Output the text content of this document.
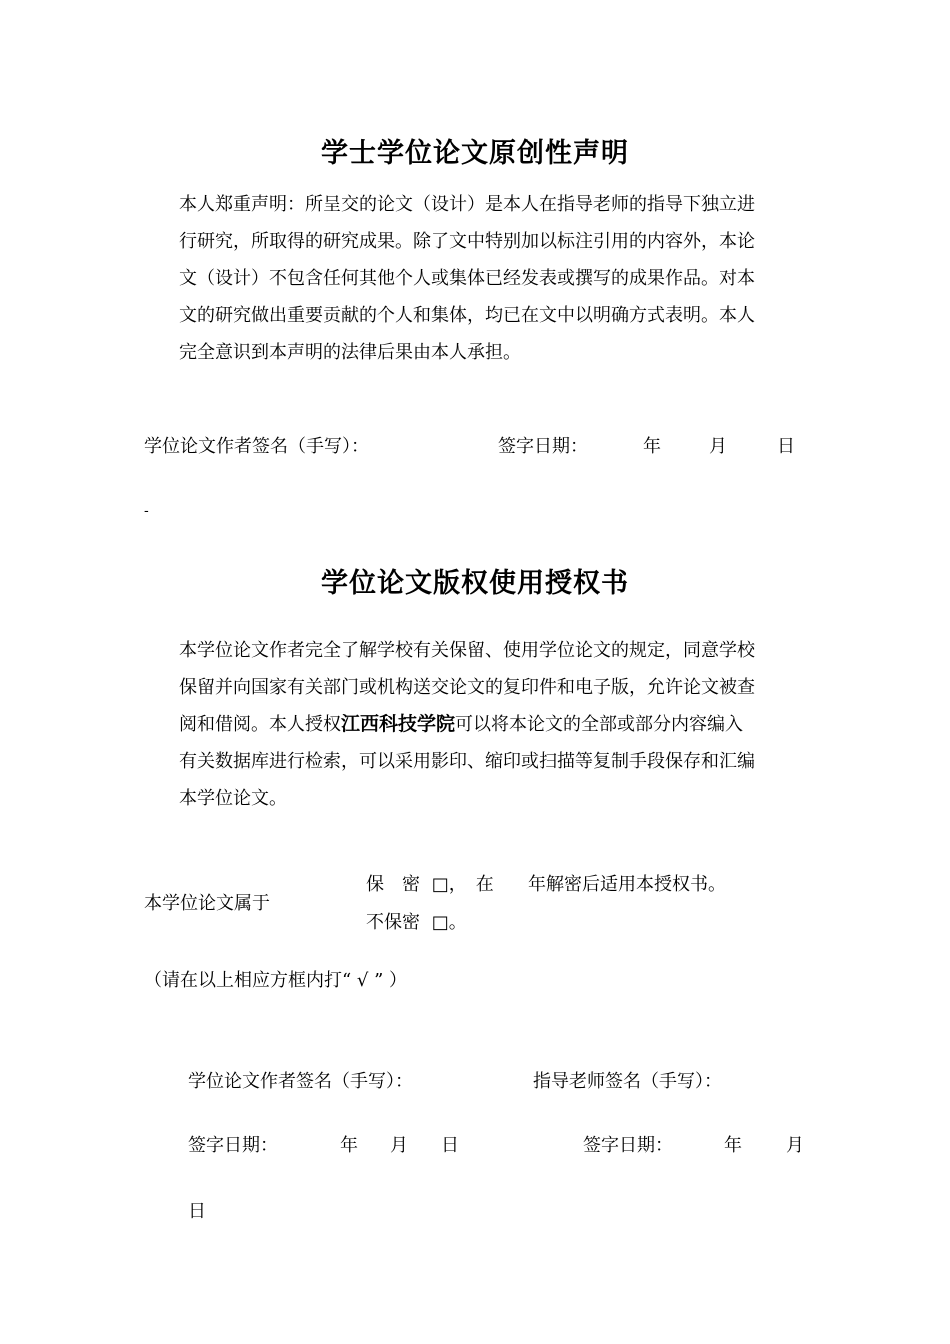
学士学位论文原创性声明
本人郑重声明：所呈交的论文（设计）是本人在指导老师的指导下独立进
行研究，所取得的研究成果。除了文中特别加以标注引用的内容外，本论
文（设计）不包含任何其他个人或集体已经发表或撰写的成果作品。对本
文的研究做出重要贡献的个人和集体，均已在文中以明确方式表明。本人
完全意识到本声明的法律后果由本人承担。
学位论文作者签名（手写）：	签字日期：	年	月	日
-
学位论文版权使用授权书
本学位论文作者完全了解学校有关保留、使用学位论文的规定，同意学校
保留并向国家有关部门或机构送交论文的复印件和电子版，允许论文被查
阅和借阅。本人授权江西科技学院可以将本论文的全部或部分内容编入
有关数据库进行检索，可以采用影印、缩印或扫描等复制手段保存和汇编
本学位论文。
本学位论文属于
保　密 □，　在 年解密后适用本授权书。
不保密 □。
（请在以上相应方框内打“ √ ” ）
学位论文作者签名（手写）：	指导老师签名（手写）：
签字日期：	年 月 日	签字日期：	年 月
日
